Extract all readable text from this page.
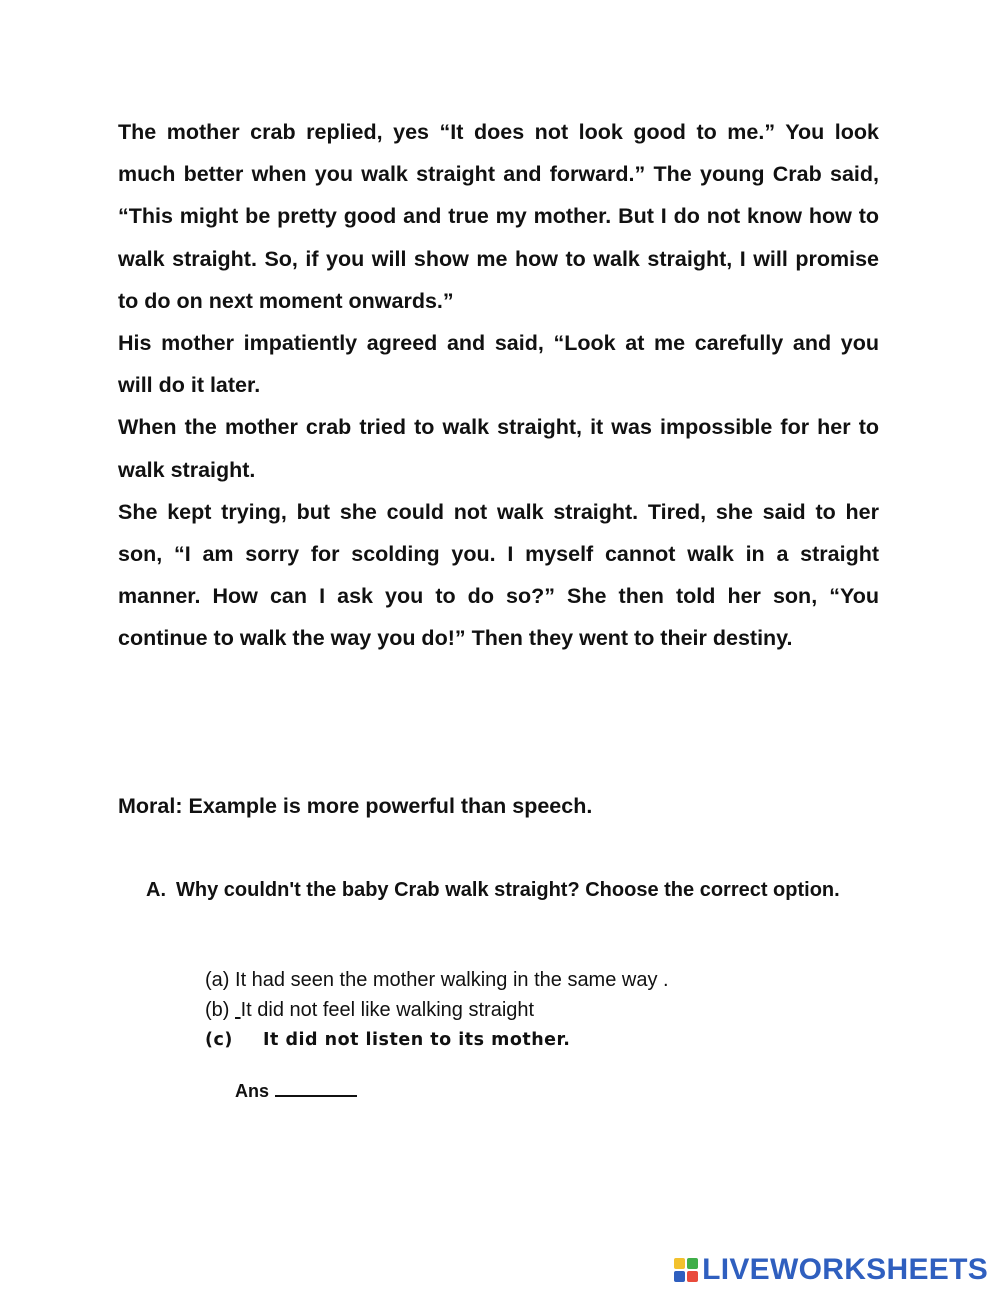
The mother crab replied, yes “It does not look good to me.” You look much better when you walk straight and forward.” The young Crab said, “This might be pretty good and true my mother. But I do not know how to walk straight. So, if you will show me how to walk straight, I will promise to do on next moment onwards.”

His mother impatiently agreed and said, “Look at me carefully and you will do it later.

When the mother crab tried to walk straight, it was impossible for her to walk straight.

She kept trying, but she could not walk straight. Tired, she said to her son, “I am sorry for scolding you. I myself cannot walk in a straight manner. How can I ask you to do so?” She then told her son, “You continue to walk the way you do!” Then they went to their destiny.

Moral: Example is more powerful than speech.

A. Why couldn't the baby Crab walk straight? Choose the correct option.
(a) It had seen the mother walking in the same way .
(b) It did not feel like walking straight
(c) It did not listen to its mother.
Ans
LIVEWORKSHEETS
